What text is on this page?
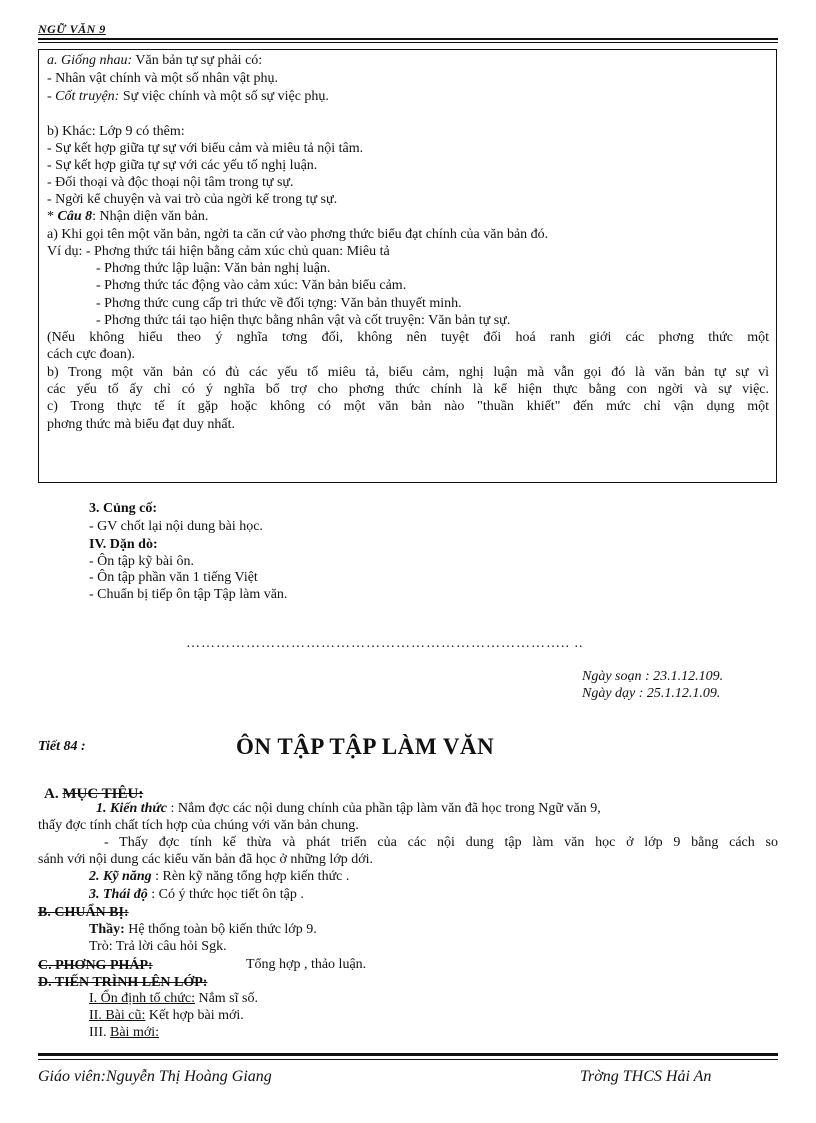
NGỮ VĂN 9
a. Giống nhau: Văn bản tự sự phải có:
- Nhân vật chính và một số nhân vật phụ.
- Cốt truyện: Sự việc chính và một số sự việc phụ.
b) Khác: Lớp 9 có thêm:
- Sự kết hợp giữa tự sự với biểu cảm và miêu tả nội tâm.
- Sự kết hợp giữa tự sự với các yếu tố nghị luận.
- Đối thoại và độc thoại nội tâm trong tự sự.
- Ngời kể chuyện và vai trò của ngời kể trong tự sự.
* Câu 8: Nhận diện văn bản.
a) Khi gọi tên một văn bản, ngời ta căn cứ vào phơng thức biểu đạt chính của văn bản đó.
Ví dụ: - Phơng thức tái hiện bằng cảm xúc chủ quan: Miêu tả
- Phơng thức lập luận: Văn bản nghị luận.
- Phơng thức tác động vào cảm xúc: Văn bản biểu cảm.
- Phơng thức cung cấp tri thức về đối tợng: Văn bản thuyết minh.
- Phơng thức tái tạo hiện thực bằng nhân vật và cốt truyện: Văn bản tự sự.
(Nếu không hiểu theo ý nghĩa tơng đối, không nên tuyệt đối hoá ranh giới các phơng thức một
cách cực đoan).
b) Trong một văn bản có đủ các yếu tố miêu tả, biểu cảm, nghị luận mà vẫn gọi đó là văn bản tự sự vì
các yếu tố ấy chỉ có ý nghĩa bổ trợ cho phơng thức chính là kể hiện thực bằng con ngời và sự việc.
c) Trong thực tế ít gặp hoặc không có một văn bản nào "thuần khiết" đến mức chỉ vận dụng một
phơng thức mà biểu đạt duy nhất.
3. Củng cố:
- GV chốt lại nội dung bài học.
IV. Dặn dò:
- Ôn tập kỹ bài ôn.
- Ôn tập phần văn 1 tiếng Việt
- Chuẩn bị tiếp ôn tập Tập làm văn.
………………………………………………………………….. ..
Ngày soạn : 23.1.12.109.
Ngày dạy : 25.1.12.1.09.
Tiết 84 :	ÔN TẬP TẬP LÀM VĂN
A. MỤC TIÊU:
1. Kiến thức : Nắm đợc các nội dung chính của phần tập làm văn đã học trong Ngữ văn 9,
thấy đợc tính chất tích hợp của chúng với văn bản chung.
- Thấy đợc tính kế thừa và phát triển của các nội dung tập làm văn học ở lớp 9 bằng cách so
sánh với nội dung các kiểu văn bản đã học ở những lớp dới.
2. Kỹ năng : Rèn kỹ năng tổng hợp kiến thức .
3. Thái độ : Có ý thức học tiết ôn tập .
B. CHUẨN BỊ:
Thầy: Hệ thống toàn bộ kiến thức lớp 9.
Trò: Trả lời câu hỏi Sgk.
C. PHƠNG PHÁP:	Tổng hợp , thảo luận.
D. TIẾN TRÌNH LÊN LỚP:
I. Ổn định tổ chức: Nắm sĩ số.
II. Bài cũ: Kết hợp bài mới.
III. Bài mới:
Giáo viên:Nguyễn Thị Hoàng Giang	Trờng THCS Hải An
